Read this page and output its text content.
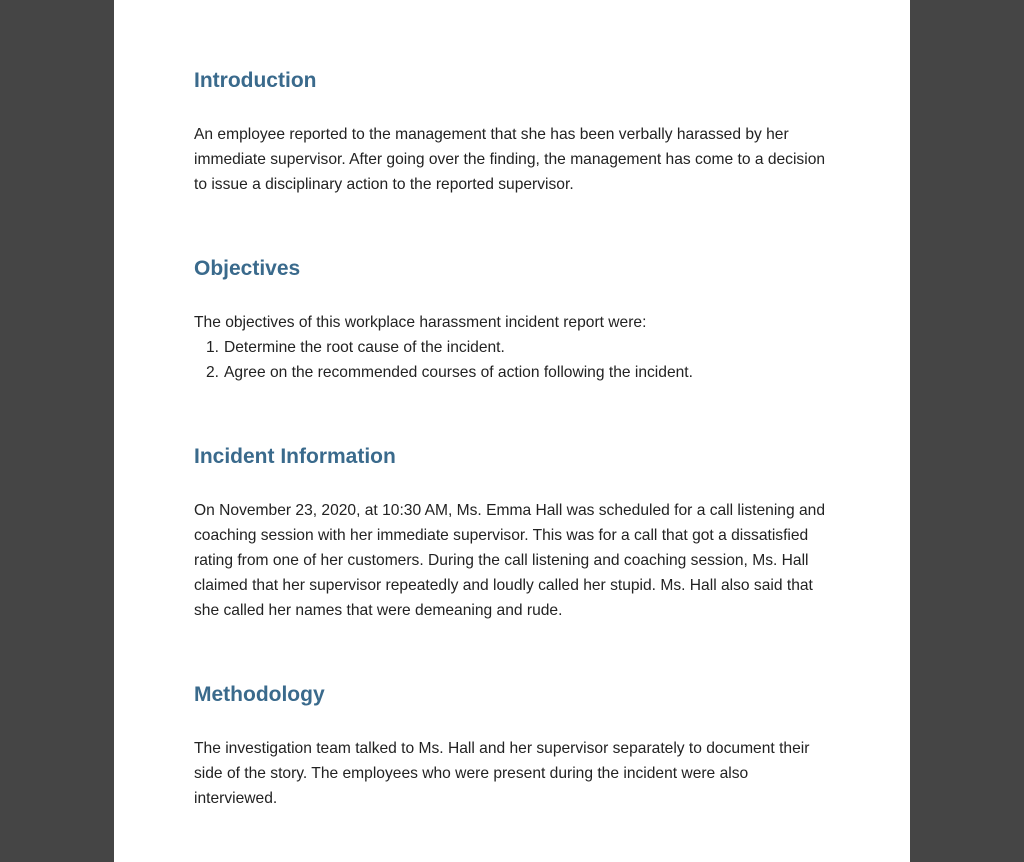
Introduction

An employee reported to the management that she has been verbally harassed by her immediate supervisor. After going over the finding, the management has come to a decision to issue a disciplinary action to the reported supervisor.

Objectives

The objectives of this workplace harassment incident report were:

1. Determine the root cause of the incident.
2. Agree on the recommended courses of action following the incident.
Incident Information

On November 23, 2020, at 10:30 AM, Ms. Emma Hall was scheduled for a call listening and coaching session with her immediate supervisor. This was for a call that got a dissatisfied rating from one of her customers. During the call listening and coaching session, Ms. Hall claimed that her supervisor repeatedly and loudly called her stupid. Ms. Hall also said that she called her names that were demeaning and rude.

Methodology

The investigation team talked to Ms. Hall and her supervisor separately to document their side of the story. The employees who were present during the incident were also interviewed.
